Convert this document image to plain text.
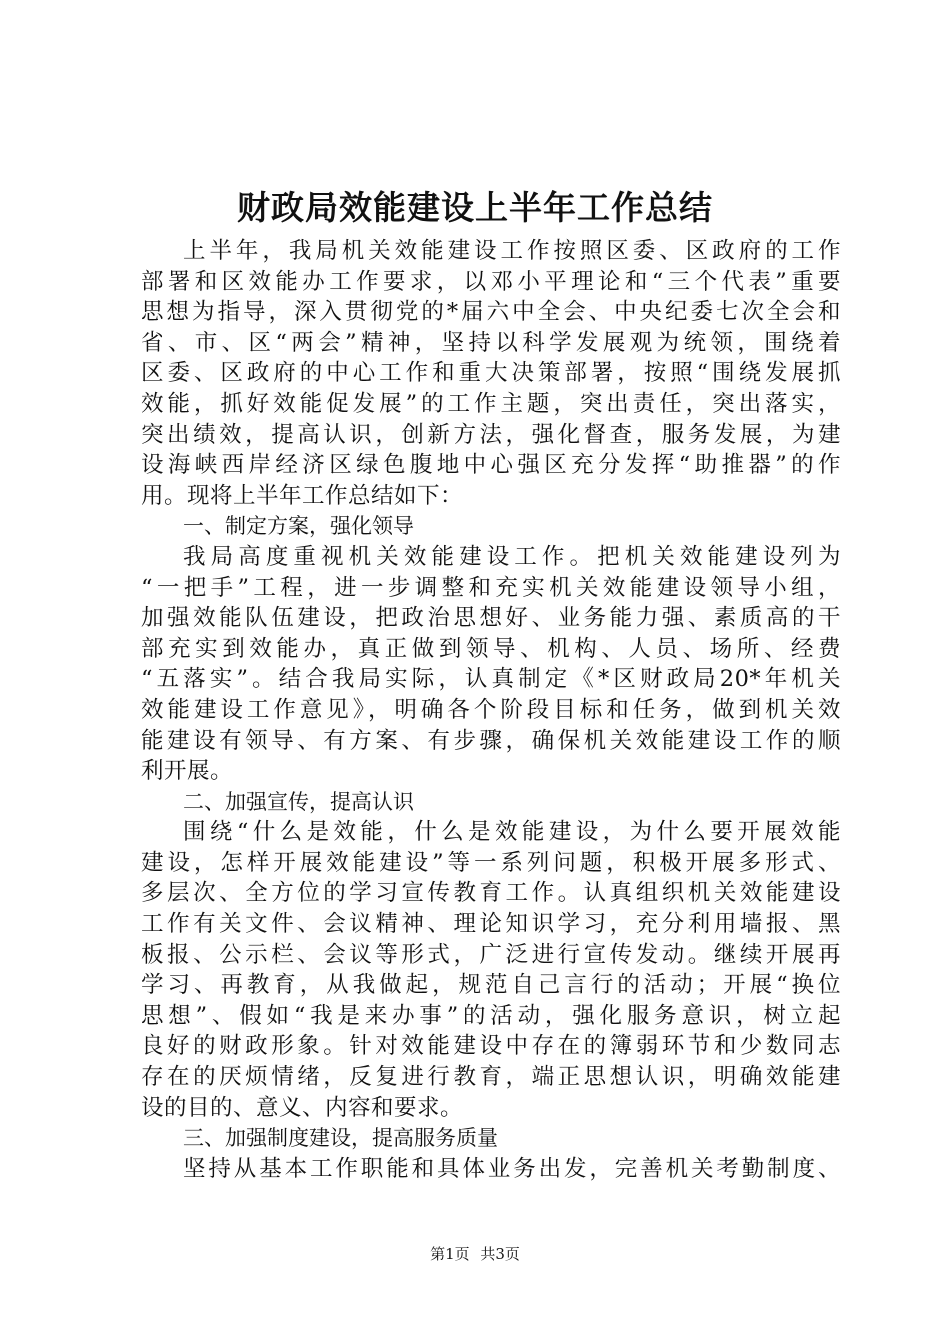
财政局效能建设上半年工作总结
上半年，我局机关效能建设工作按照区委、区政府的工作
部署和区效能办工作要求，以邓小平理论和“三个代表”重要
思想为指导，深入贯彻党的*届六中全会、中央纪委七次全会和
省、市、区“两会”精神，坚持以科学发展观为统领，围绕着
区委、区政府的中心工作和重大决策部署，按照“围绕发展抓
效能，抓好效能促发展”的工作主题，突出责任，突出落实，
突出绩效，提高认识，创新方法，强化督查，服务发展，为建
设海峡西岸经济区绿色腹地中心强区充分发挥“助推器”的作
用。现将上半年工作总结如下：
一、制定方案，强化领导
我局高度重视机关效能建设工作。把机关效能建设列为
“一把手”工程，进一步调整和充实机关效能建设领导小组，
加强效能队伍建设，把政治思想好、业务能力强、素质高的干
部充实到效能办，真正做到领导、机构、人员、场所、经费
“五落实”。结合我局实际，认真制定《*区财政局20*年机关
效能建设工作意见》，明确各个阶段目标和任务，做到机关效
能建设有领导、有方案、有步骤，确保机关效能建设工作的顺
利开展。
二、加强宣传，提高认识
围绕“什么是效能，什么是效能建设，为什么要开展效能
建设，怎样开展效能建设”等一系列问题，积极开展多形式、
多层次、全方位的学习宣传教育工作。认真组织机关效能建设
工作有关文件、会议精神、理论知识学习，充分利用墙报、黑
板报、公示栏、会议等形式，广泛进行宣传发动。继续开展再
学习、再教育，从我做起，规范自己言行的活动；开展“换位
思想”、假如“我是来办事”的活动，强化服务意识，树立起
良好的财政形象。针对效能建设中存在的簿弱环节和少数同志
存在的厌烦情绪，反复进行教育，端正思想认识，明确效能建
设的目的、意义、内容和要求。
三、加强制度建设，提高服务质量
坚持从基本工作职能和具体业务出发，完善机关考勤制度、
第1页 共3页
